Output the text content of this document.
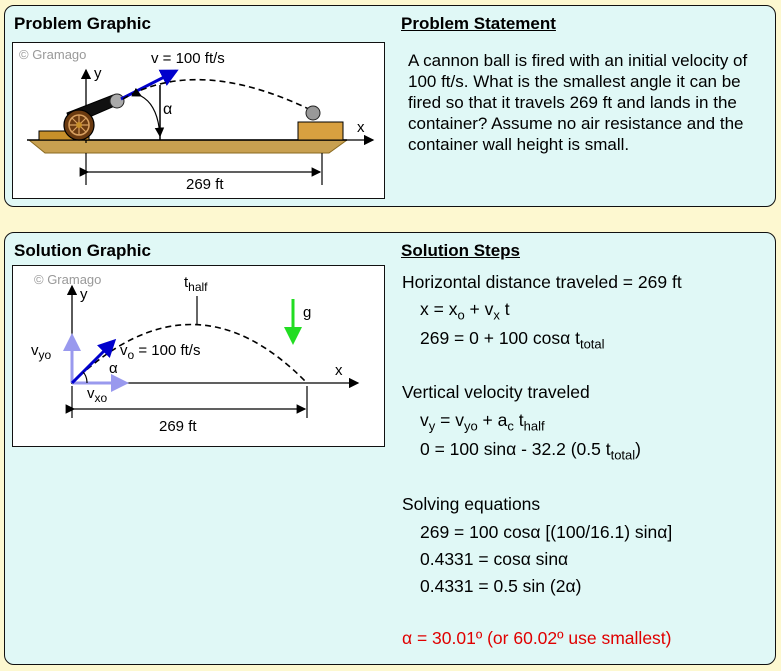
Problem Graphic	Problem Statement
© Gramago	v = 100 ft/s
α
y
x
269 ft
A cannon ball is fired with an initial velocity of 100 ft/s. What is the smallest angle it can be fired so that it travels 269 ft and lands in the container? Assume no air resistance and the container wall height is small.
Solution Graphic	Solution Steps
© Gramago
y
x
$t_{half}$
g
$v_{yo}$	$v_o = 100$ ft/s
α
$v_{xo}$
269 ft
Horizontal distance traveled = 269 ft
$x = x_o + v_x$ t
269 = 0 + 100 cosα $t_{total}$
Vertical velocity traveled
$v_y = v_{yo} + a_c$ $t_{half}$
0 = 100 sinα - 32.2 (0.5 $t_{total}$)
Solving equations
269 = 100 cosα [(100/16.1) sinα]
0.4331 = cosα sinα
0.4331 = 0.5 sin (2α)
α = 30.01º (or 60.02º use smallest)
